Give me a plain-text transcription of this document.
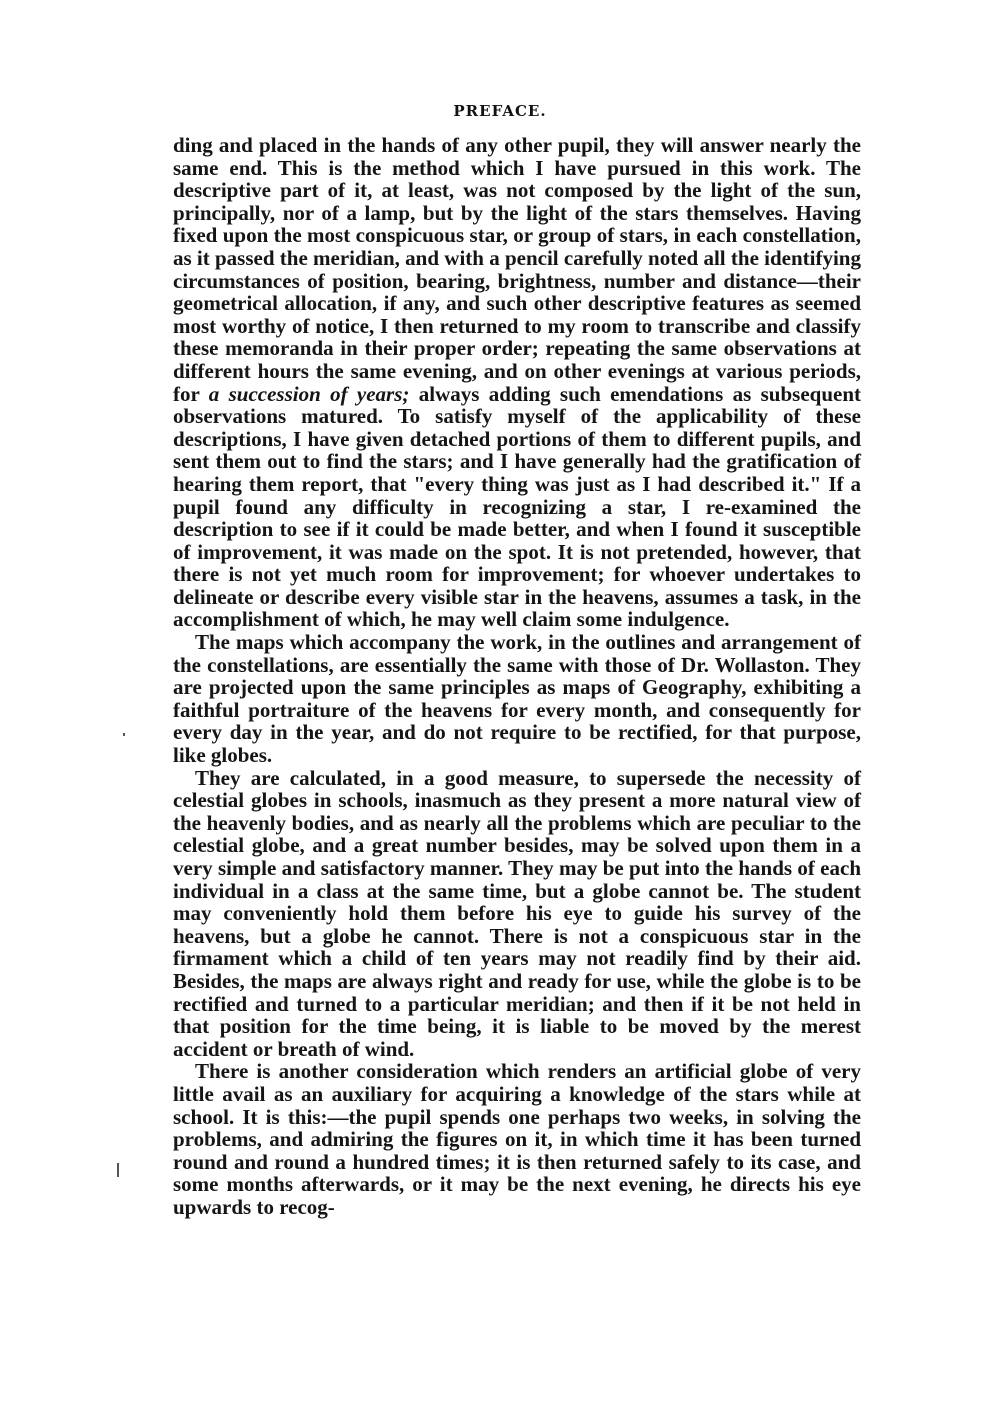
PREFACE.

ding and placed in the hands of any other pupil, they will answer nearly the same end. This is the method which I have pursued in this work. The descriptive part of it, at least, was not composed by the light of the sun, principally, nor of a lamp, but by the light of the stars themselves. Having fixed upon the most conspicuous star, or group of stars, in each constellation, as it passed the meridian, and with a pencil carefully noted all the identifying circumstances of position, bearing, brightness, number and distance—their geometrical allocation, if any, and such other descriptive features as seemed most worthy of notice, I then returned to my room to transcribe and classify these memoranda in their proper order; repeating the same observations at different hours the same evening, and on other evenings at various periods, for a succession of years; always adding such emendations as subsequent observations matured. To satisfy myself of the applicability of these descriptions, I have given detached portions of them to different pupils, and sent them out to find the stars; and I have generally had the gratification of hearing them report, that "every thing was just as I had described it." If a pupil found any difficulty in recognizing a star, I re-examined the description to see if it could be made better, and when I found it susceptible of improvement, it was made on the spot. It is not pretended, however, that there is not yet much room for improvement; for whoever undertakes to delineate or describe every visible star in the heavens, assumes a task, in the accomplishment of which, he may well claim some indulgence.

The maps which accompany the work, in the outlines and arrangement of the constellations, are essentially the same with those of Dr. Wollaston. They are projected upon the same principles as maps of Geography, exhibiting a faithful portraiture of the heavens for every month, and consequently for every day in the year, and do not require to be rectified, for that purpose, like globes.

They are calculated, in a good measure, to supersede the necessity of celestial globes in schools, inasmuch as they present a more natural view of the heavenly bodies, and as nearly all the problems which are peculiar to the celestial globe, and a great number besides, may be solved upon them in a very simple and satisfactory manner. They may be put into the hands of each individual in a class at the same time, but a globe cannot be. The student may conveniently hold them before his eye to guide his survey of the heavens, but a globe he cannot. There is not a conspicuous star in the firmament which a child of ten years may not readily find by their aid. Besides, the maps are always right and ready for use, while the globe is to be rectified and turned to a particular meridian; and then if it be not held in that position for the time being, it is liable to be moved by the merest accident or breath of wind.

There is another consideration which renders an artificial globe of very little avail as an auxiliary for acquiring a knowledge of the stars while at school. It is this:—the pupil spends one perhaps two weeks, in solving the problems, and admiring the figures on it, in which time it has been turned round and round a hundred times; it is then returned safely to its case, and some months afterwards, or it may be the next evening, he directs his eye upwards to recog-
